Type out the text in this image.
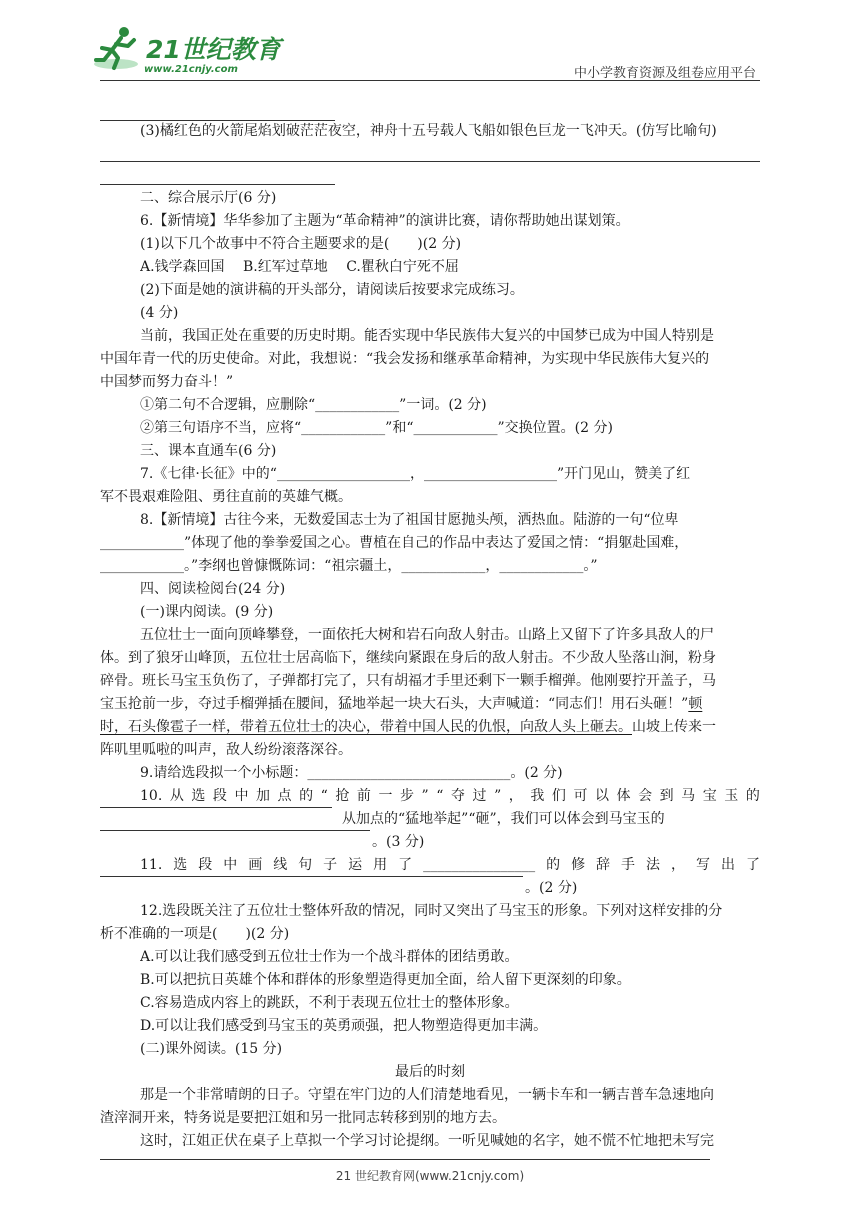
21世纪教育
www.21cnjy.com	中小学教育资源及组卷应用平台
(3)橘红色的火箭尾焰划破茫茫夜空，神舟十五号载人飞船如银色巨龙一飞冲天。(仿写比喻句)
二、综合展示厅(6 分)
6.【新情境】华华参加了主题为“革命精神”的演讲比赛，请你帮助她出谋划策。
(1)以下几个故事中不符合主题要求的是(　　)(2 分)
A.钱学森回国　 B.红军过草地　 C.瞿秋白宁死不屈
(2)下面是她的演讲稿的开头部分，请阅读后按要求完成练习。
(4 分)
当前，我国正处在重要的历史时期。能否实现中华民族伟大复兴的中国梦已成为中国人特别是
中国年青一代的历史使命。对此，我想说：“我会发扬和继承革命精神，为实现中华民族伟大复兴的
中国梦而努力奋斗！”
①第二句不合逻辑，应删除“____________”一词。(2 分)
②第三句语序不当，应将“____________”和“____________”交换位置。(2 分)
三、课本直通车(6 分)
7.《七律·长征》中的“___________________，___________________”开门见山，赞美了红
军不畏艰难险阻、勇往直前的英雄气概。
8.【新情境】古往今来，无数爱国志士为了祖国甘愿抛头颅，洒热血。陆游的一句“位卑
____________”体现了他的拳拳爱国之心。曹植在自己的作品中表达了爱国之情：“捐躯赴国难，
____________。”李纲也曾慷慨陈词：“祖宗疆土，____________，____________。”
四、阅读检阅台(24 分)
(一)课内阅读。(9 分)
五位壮士一面向顶峰攀登，一面依托大树和岩石向敌人射击。山路上又留下了许多具敌人的尸
体。到了狼牙山峰顶，五位壮士居高临下，继续向紧跟在身后的敌人射击。不少敌人坠落山涧，粉身
碎骨。班长马宝玉负伤了，子弹都打完了，只有胡福才手里还剩下一颗手榴弹。他刚要拧开盖子，马
宝玉抢前一步，夺过手榴弹插在腰间，猛地举起一块大石头，大声喊道：“同志们！用石头砸！”顿
时，石头像雹子一样，带着五位壮士的决心，带着中国人民的仇恨，向敌人头上砸去。山坡上传来一
阵叽里呱啦的叫声，敌人纷纷滚落深谷。
9.请给选段拟一个小标题：_____________________________。(2 分)
10. 从 选 段 中 加 点 的 “ 抢 前 一 步 ” “ 夺 过 ” ， 我 们 可 以 体 会 到 马 宝 玉 的
从加点的“猛地举起”“砸”，我们可以体会到马宝玉的
。(3 分)
11. 选 段 中 画 线 句 子 运 用 了 ________________ 的 修 辞 手 法 ， 写 出 了
。(2 分)
12.选段既关注了五位壮士整体歼敌的情况，同时又突出了马宝玉的形象。下列对这样安排的分
析不准确的一项是(　　)(2 分)
A.可以让我们感受到五位壮士作为一个战斗群体的团结勇敢。
B.可以把抗日英雄个体和群体的形象塑造得更加全面，给人留下更深刻的印象。
C.容易造成内容上的跳跃，不利于表现五位壮士的整体形象。
D.可以让我们感受到马宝玉的英勇顽强，把人物塑造得更加丰满。
(二)课外阅读。(15 分)
最后的时刻
那是一个非常晴朗的日子。守望在牢门边的人们清楚地看见，一辆卡车和一辆吉普车急速地向
渣滓洞开来，特务说是要把江姐和另一批同志转移到别的地方去。
这时，江姐正伏在桌子上草拟一个学习讨论提纲。一听见喊她的名字，她不慌不忙地把未写完
21 世纪教育网(www.21cnjy.com)
